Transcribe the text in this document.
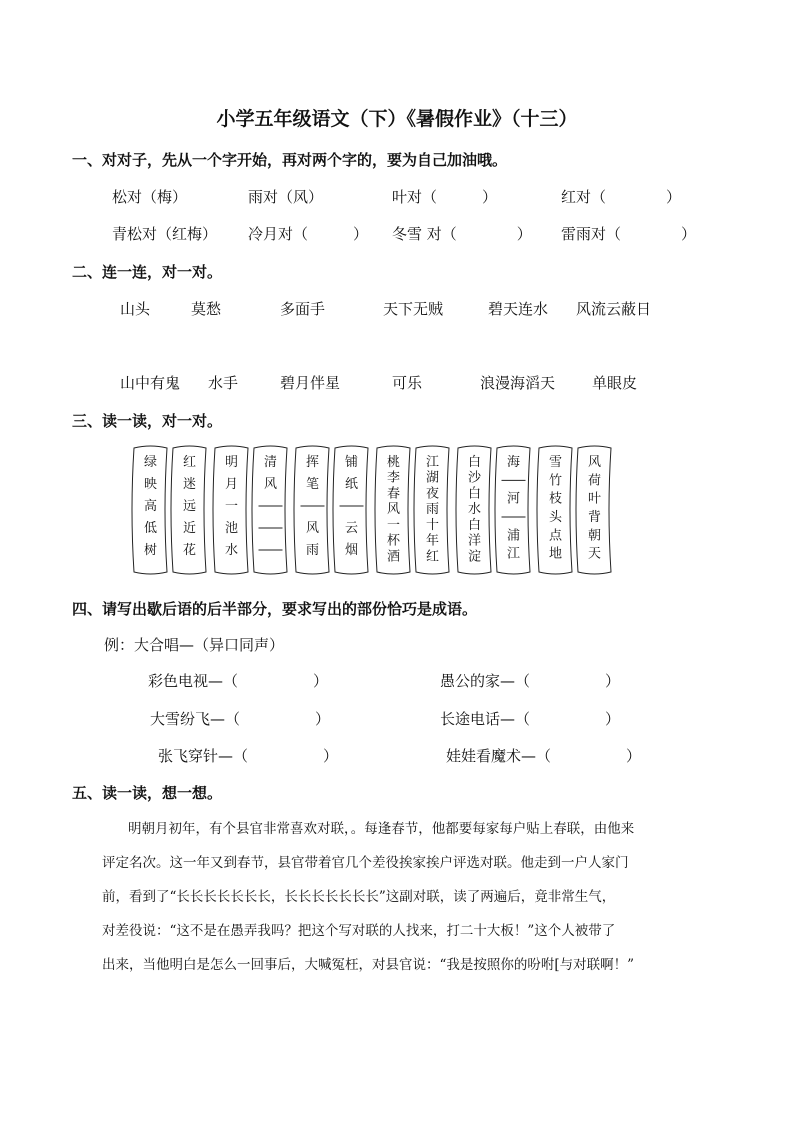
小学五年级语文（下）《暑假作业》（十三）
一、对对子，先从一个字开始，再对两个字的，要为自己加油哦。
松对（梅）	雨对（风）	叶对（　　　）	红对（　　　　）
青松对（红梅） 冷月对（　　　） 冬雪 对（　　　　） 雷雨对（　　　　）
二、连一连，对一对。
山头	莫愁	多面手	天下无贼	碧天连水 风流云蔽日
山中有鬼 水手	碧月伴星	可乐	浪漫海滔天 单眼皮
三、读一读，对一对。
绿
映
高
低
树
红
迷
远
近
花
明
月
一
池
水
清
风
挥
笔
风
雨
铺
纸
云
烟
桃
李
春
风
一
杯
酒
江
湖
夜
雨
十
年
红
白
沙
白
水
白
洋
淀
海
河
浦
江
雪
竹
枝
头
点
地
风
荷
叶
背
朝
天
四、请写出歇后语的后半部分，要求写出的部份恰巧是成语。
例：大合唱—（异口同声）
彩色电视—（　　　　　）	愚公的家—（　　　　　）
大雪纷飞—（　　　　　）	长途电话—（　　　　　）
张飞穿针—（　　　　　）	娃娃看魔术—（　　　　　）
五、读一读，想一想。
明朝月初年，有个县官非常喜欢对联，。每逢春节，他都要每家每户贴上春联，由他来
评定名次。这一年又到春节，县官带着官几个差役挨家挨户评选对联。他走到一户人家门
前，看到了“长长长长长长长，长长长长长长长”这副对联，读了两遍后，竟非常生气，
对差役说：“这不是在愚弄我吗？把这个写对联的人找来，打二十大板！”这个人被带了
出来，当他明白是怎么一回事后，大喊冤枉，对县官说：“我是按照你的吩咐[与对联啊！”
